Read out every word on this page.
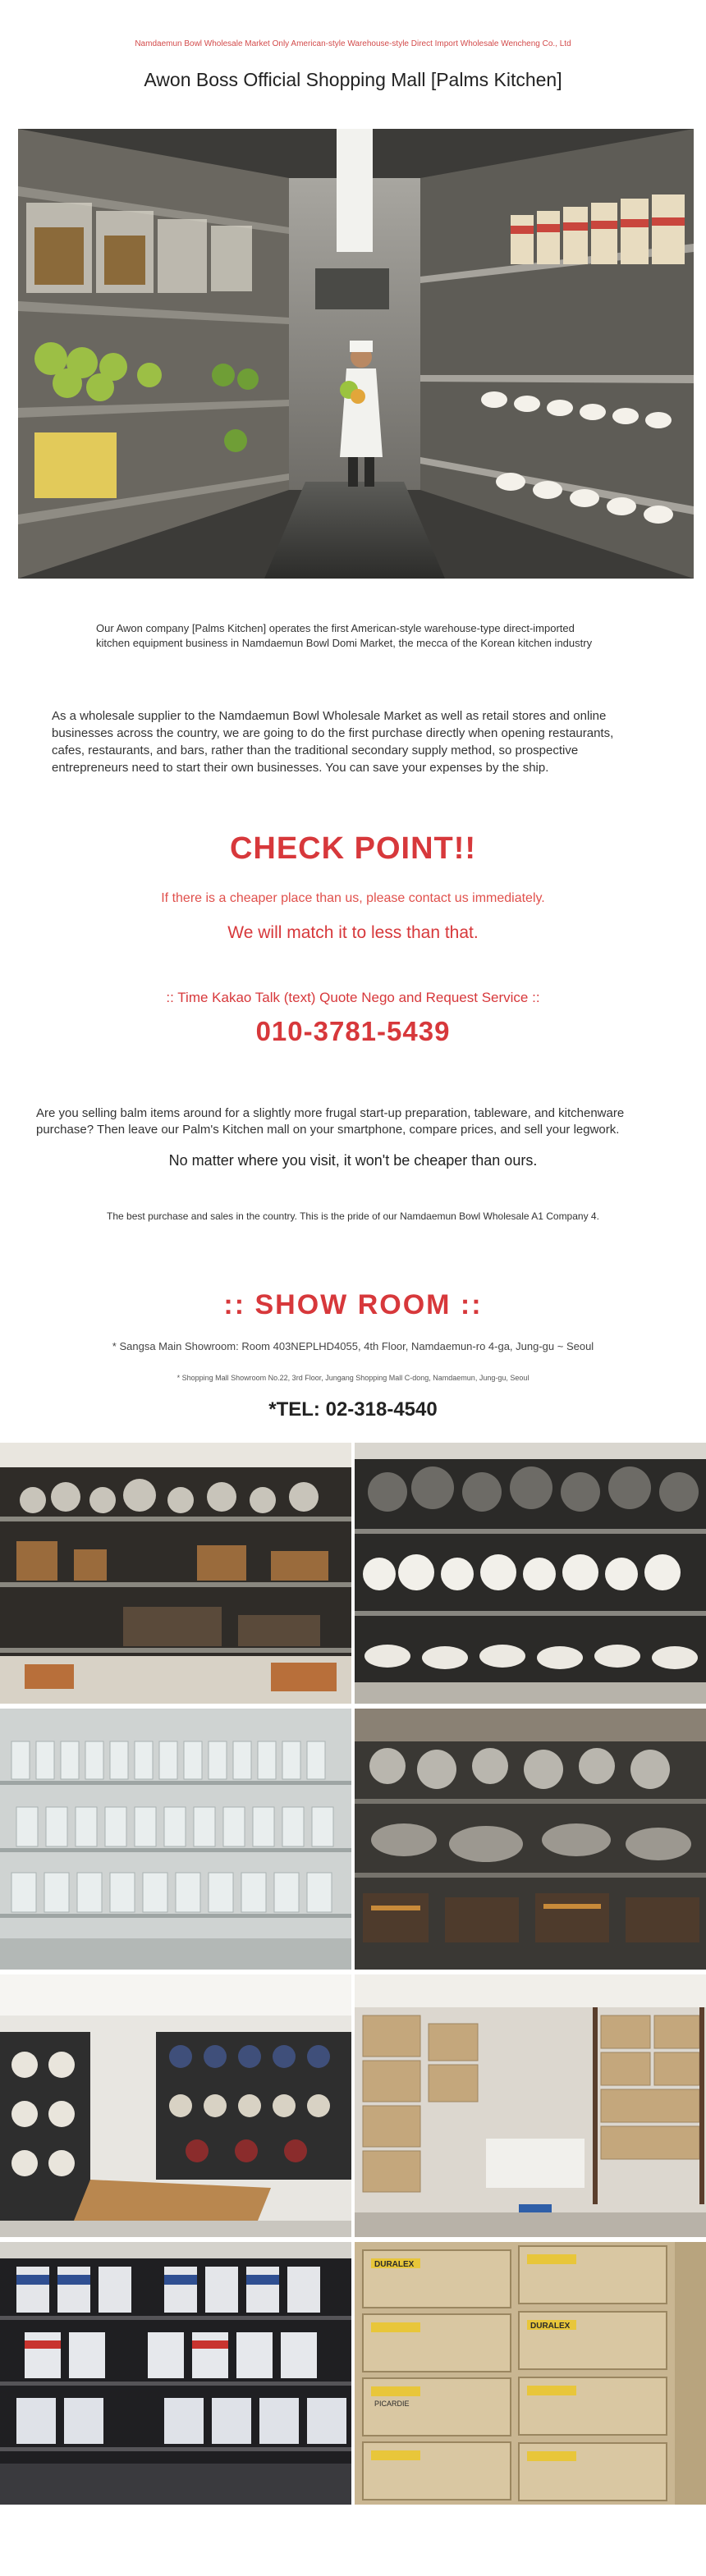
Namdaemun Bowl Wholesale Market Only American-style Warehouse-style Direct Import Wholesale Wencheng Co., Ltd
Awon Boss Official Shopping Mall [Palms Kitchen]
Our Awon company [Palms Kitchen] operates the first American-style warehouse-type direct-imported kitchen equipment business in Namdaemun Bowl Domi Market, the mecca of the Korean kitchen industry
As a wholesale supplier to the Namdaemun Bowl Wholesale Market as well as retail stores and online businesses across the country, we are going to do the first purchase directly when opening restaurants, cafes, restaurants, and bars, rather than the traditional secondary supply method, so prospective entrepreneurs need to start their own businesses. You can save your expenses by the ship.
CHECK POINT!!
If there is a cheaper place than us, please contact us immediately.
We will match it to less than that.
:: Time Kakao Talk (text) Quote Nego and Request Service ::
010-3781-5439
Are you selling balm items around for a slightly more frugal start-up preparation, tableware, and kitchenware purchase? Then leave our Palm's Kitchen mall on your smartphone, compare prices, and sell your legwork.
No matter where you visit, it won't be cheaper than ours.
The best purchase and sales in the country. This is the pride of our Namdaemun Bowl Wholesale A1 Company 4.
:: SHOW ROOM ::
* Sangsa Main Showroom: Room 403NEPLHD4055, 4th Floor, Namdaemun-ro 4-ga, Jung-gu ~ Seoul
* Shopping Mall Showroom No.22, 3rd Floor, Jungang Shopping Mall C-dong, Namdaemun, Jung-gu, Seoul
*TEL: 02-318-4540
DURALEX
DURALEX
PICARDIE
